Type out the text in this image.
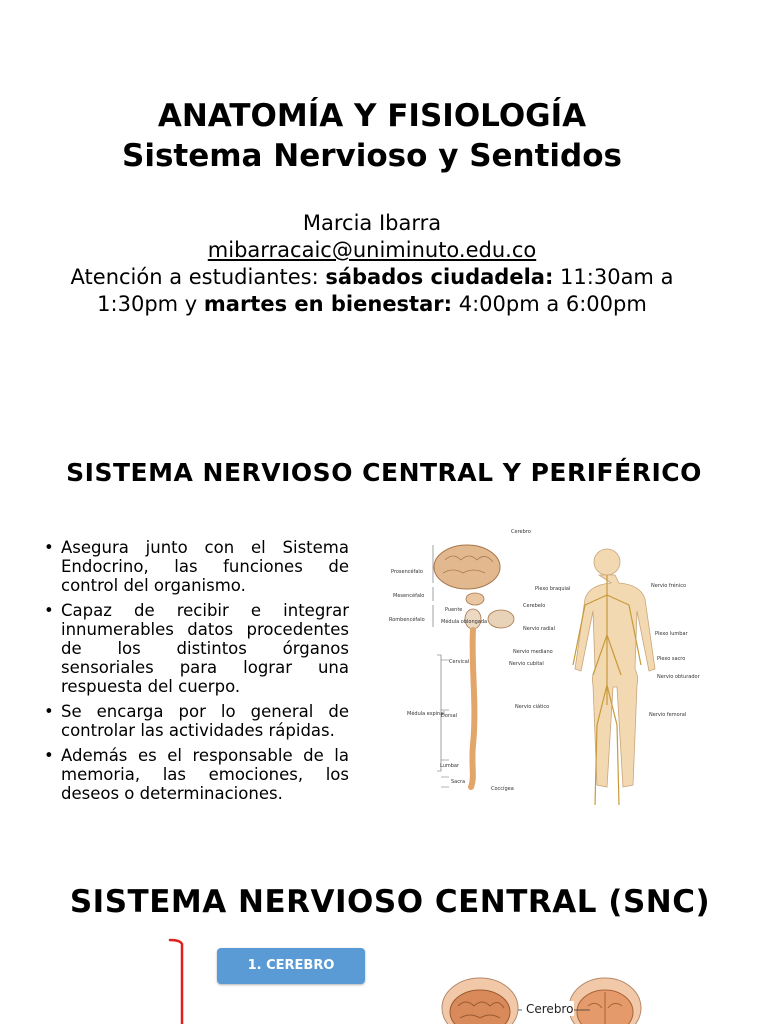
ANATOMÍA Y FISIOLOGÍA
Sistema Nervioso y Sentidos
Marcia Ibarra
mibarracaic@uniminuto.edu.co
Atención a estudiantes: sábados ciudadela: 11:30am a 1:30pm y martes en bienestar: 4:00pm a 6:00pm
SISTEMA NERVIOSO CENTRAL Y PERIFÉRICO
• Asegura junto con el Sistema Endocrino, las funciones de control del organismo.
• Capaz de recibir e integrar innumerables datos procedentes de los distintos órganos sensoriales para lograr una respuesta del cuerpo.
• Se encarga por lo general de controlar las actividades rápidas.
• Además es el responsable de la memoria, las emociones, los deseos o determinaciones.
Cerebro
Prosencéfalo
Mesencéfalo
Rombencéfalo
Puente
Médula oblongada
Cerebelo
Cervical
Médula espinal
Dorsal
Lumbar
Sacra
Coccígea
Plexo braquial	Nervio frénico
Nervio radial
Plexo lumbar
Nervio mediano
Plexo sacro
Nervio cubital
Nervio obturador
Nervio ciático
Nervio femoral
SISTEMA NERVIOSO CENTRAL (SNC)
1. CEREBRO
Cerebro
